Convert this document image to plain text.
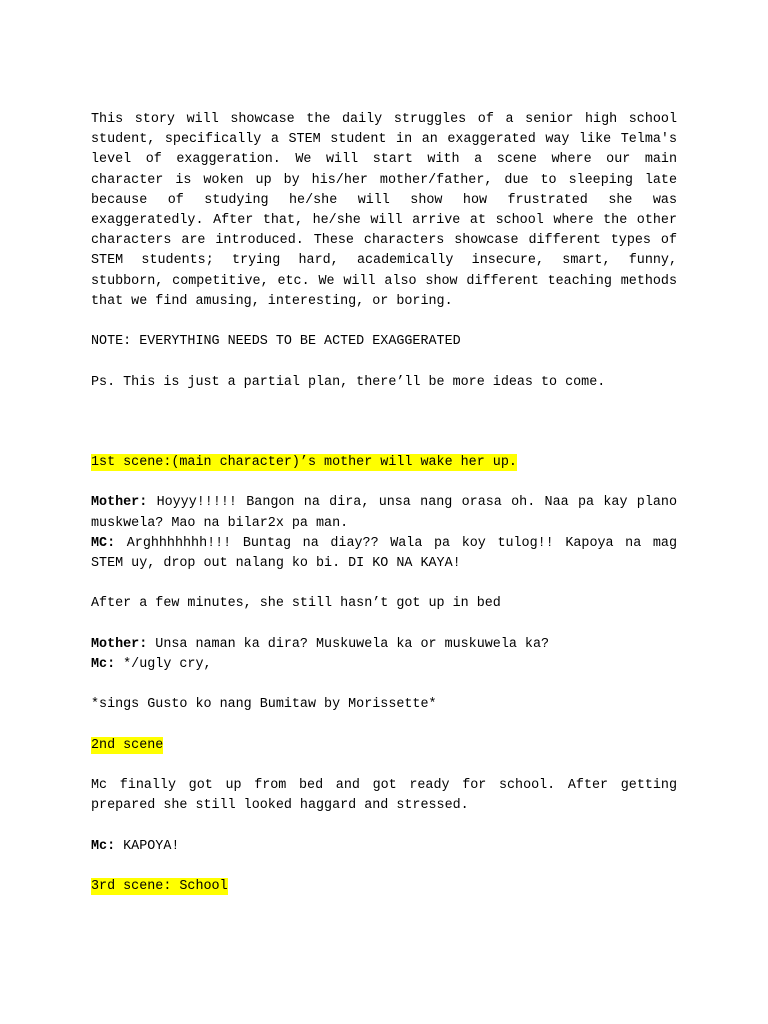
This story will showcase the daily struggles of a senior high school student, specifically a STEM student in an exaggerated way like Telma's level of exaggeration. We will start with a scene where our main character is woken up by his/her mother/father, due to sleeping late because of studying he/she will show how frustrated she was exaggeratedly. After that, he/she will arrive at school where the other characters are introduced. These characters showcase different types of STEM students; trying hard, academically insecure, smart, funny, stubborn, competitive, etc. We will also show different teaching methods that we find amusing, interesting, or boring.

NOTE: EVERYTHING NEEDS TO BE ACTED EXAGGERATED

Ps. This is just a partial plan, there’ll be more ideas to come.

1st scene:(main character)’s mother will wake her up.

Mother: Hoyyy!!!!! Bangon na dira, unsa nang orasa oh. Naa pa kay plano muskwela? Mao na bilar2x pa man.

MC: Arghhhhhhh!!! Buntag na diay?? Wala pa koy tulog!! Kapoya na mag STEM uy, drop out nalang ko bi. DI KO NA KAYA!

After a few minutes, she still hasn’t got up in bed

Mother: Unsa naman ka dira? Muskuwela ka or muskuwela ka?

Mc: */ugly cry,

*sings Gusto ko nang Bumitaw by Morissette*

2nd scene

Mc finally got up from bed and got ready for school. After getting prepared she still looked haggard and stressed.

Mc: KAPOYA!

3rd scene: School
